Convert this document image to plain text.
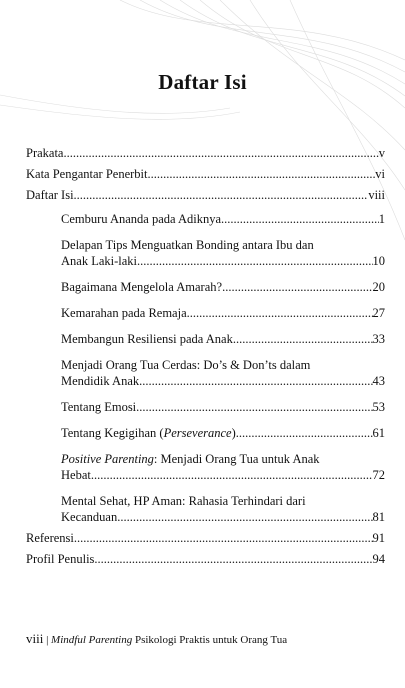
Daftar Isi
Prakata .....	v
Kata Pengantar Penerbit .....	vi
Daftar Isi .....	viii
Cemburu Ananda pada Adiknya .....	1
Delapan Tips Menguatkan Bonding antara Ibu dan
Anak Laki-laki .....	10
Bagaimana Mengelola Amarah? .....	20
Kemarahan pada Remaja .....	27
Membangun Resiliensi pada Anak .....	33
Menjadi Orang Tua Cerdas: Do’s & Don’ts dalam
Mendidik Anak .....	43
Tentang Emosi .....	53
Tentang Kegigihan (Perseverance) .....	61
Positive Parenting: Menjadi Orang Tua untuk Anak
Hebat .....	72
Mental Sehat, HP Aman: Rahasia Terhindari dari
Kecanduan .....	81
Referensi .....	91
Profil Penulis .....	94
viii | Mindful Parenting Psikologi Praktis untuk Orang Tua
